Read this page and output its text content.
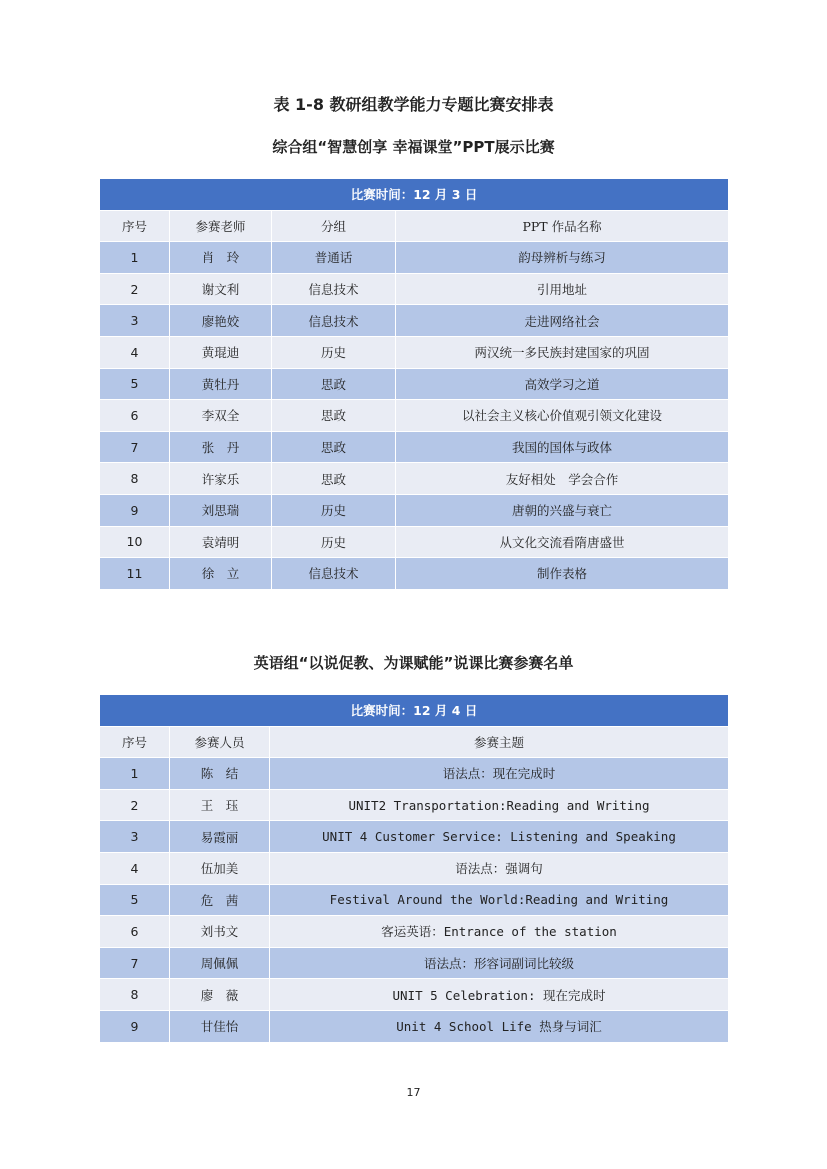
表 1-8 教研组教学能力专题比赛安排表
综合组“智慧创享 幸福课堂”PPT展示比赛
比赛时间：12 月 3 日			
序号	参赛老师	分组	PPT 作品名称
1	肖　玲	普通话	韵母辨析与练习
2	谢文利	信息技术	引用地址
3	廖艳姣	信息技术	走进网络社会
4	黄琨迪	历史	两汉统一多民族封建国家的巩固
5	黄牡丹	思政	高效学习之道
6	李双全	思政	以社会主义核心价值观引领文化建设
7	张　丹	思政	我国的国体与政体
8	许家乐	思政	友好相处　学会合作
9	刘思瑞	历史	唐朝的兴盛与衰亡
10	袁靖明	历史	从文化交流看隋唐盛世
11	徐　立	信息技术	制作表格
英语组“以说促教、为课赋能”说课比赛参赛名单
比赛时间：12 月 4 日		
序号	参赛人员	参赛主题
1	陈　结	语法点：现在完成时
2	王　珏	UNIT2 Transportation:Reading and Writing
3	易霞丽	UNIT 4 Customer Service: Listening and Speaking
4	伍加美	语法点：强调句
5	危　茜	Festival Around the World:Reading and Writing
6	刘书文	客运英语：Entrance of the station
7	周佩佩	语法点：形容词副词比较级
8	廖　薇	UNIT 5 Celebration: 现在完成时
9	甘佳怡	Unit 4 School Life 热身与词汇
17
